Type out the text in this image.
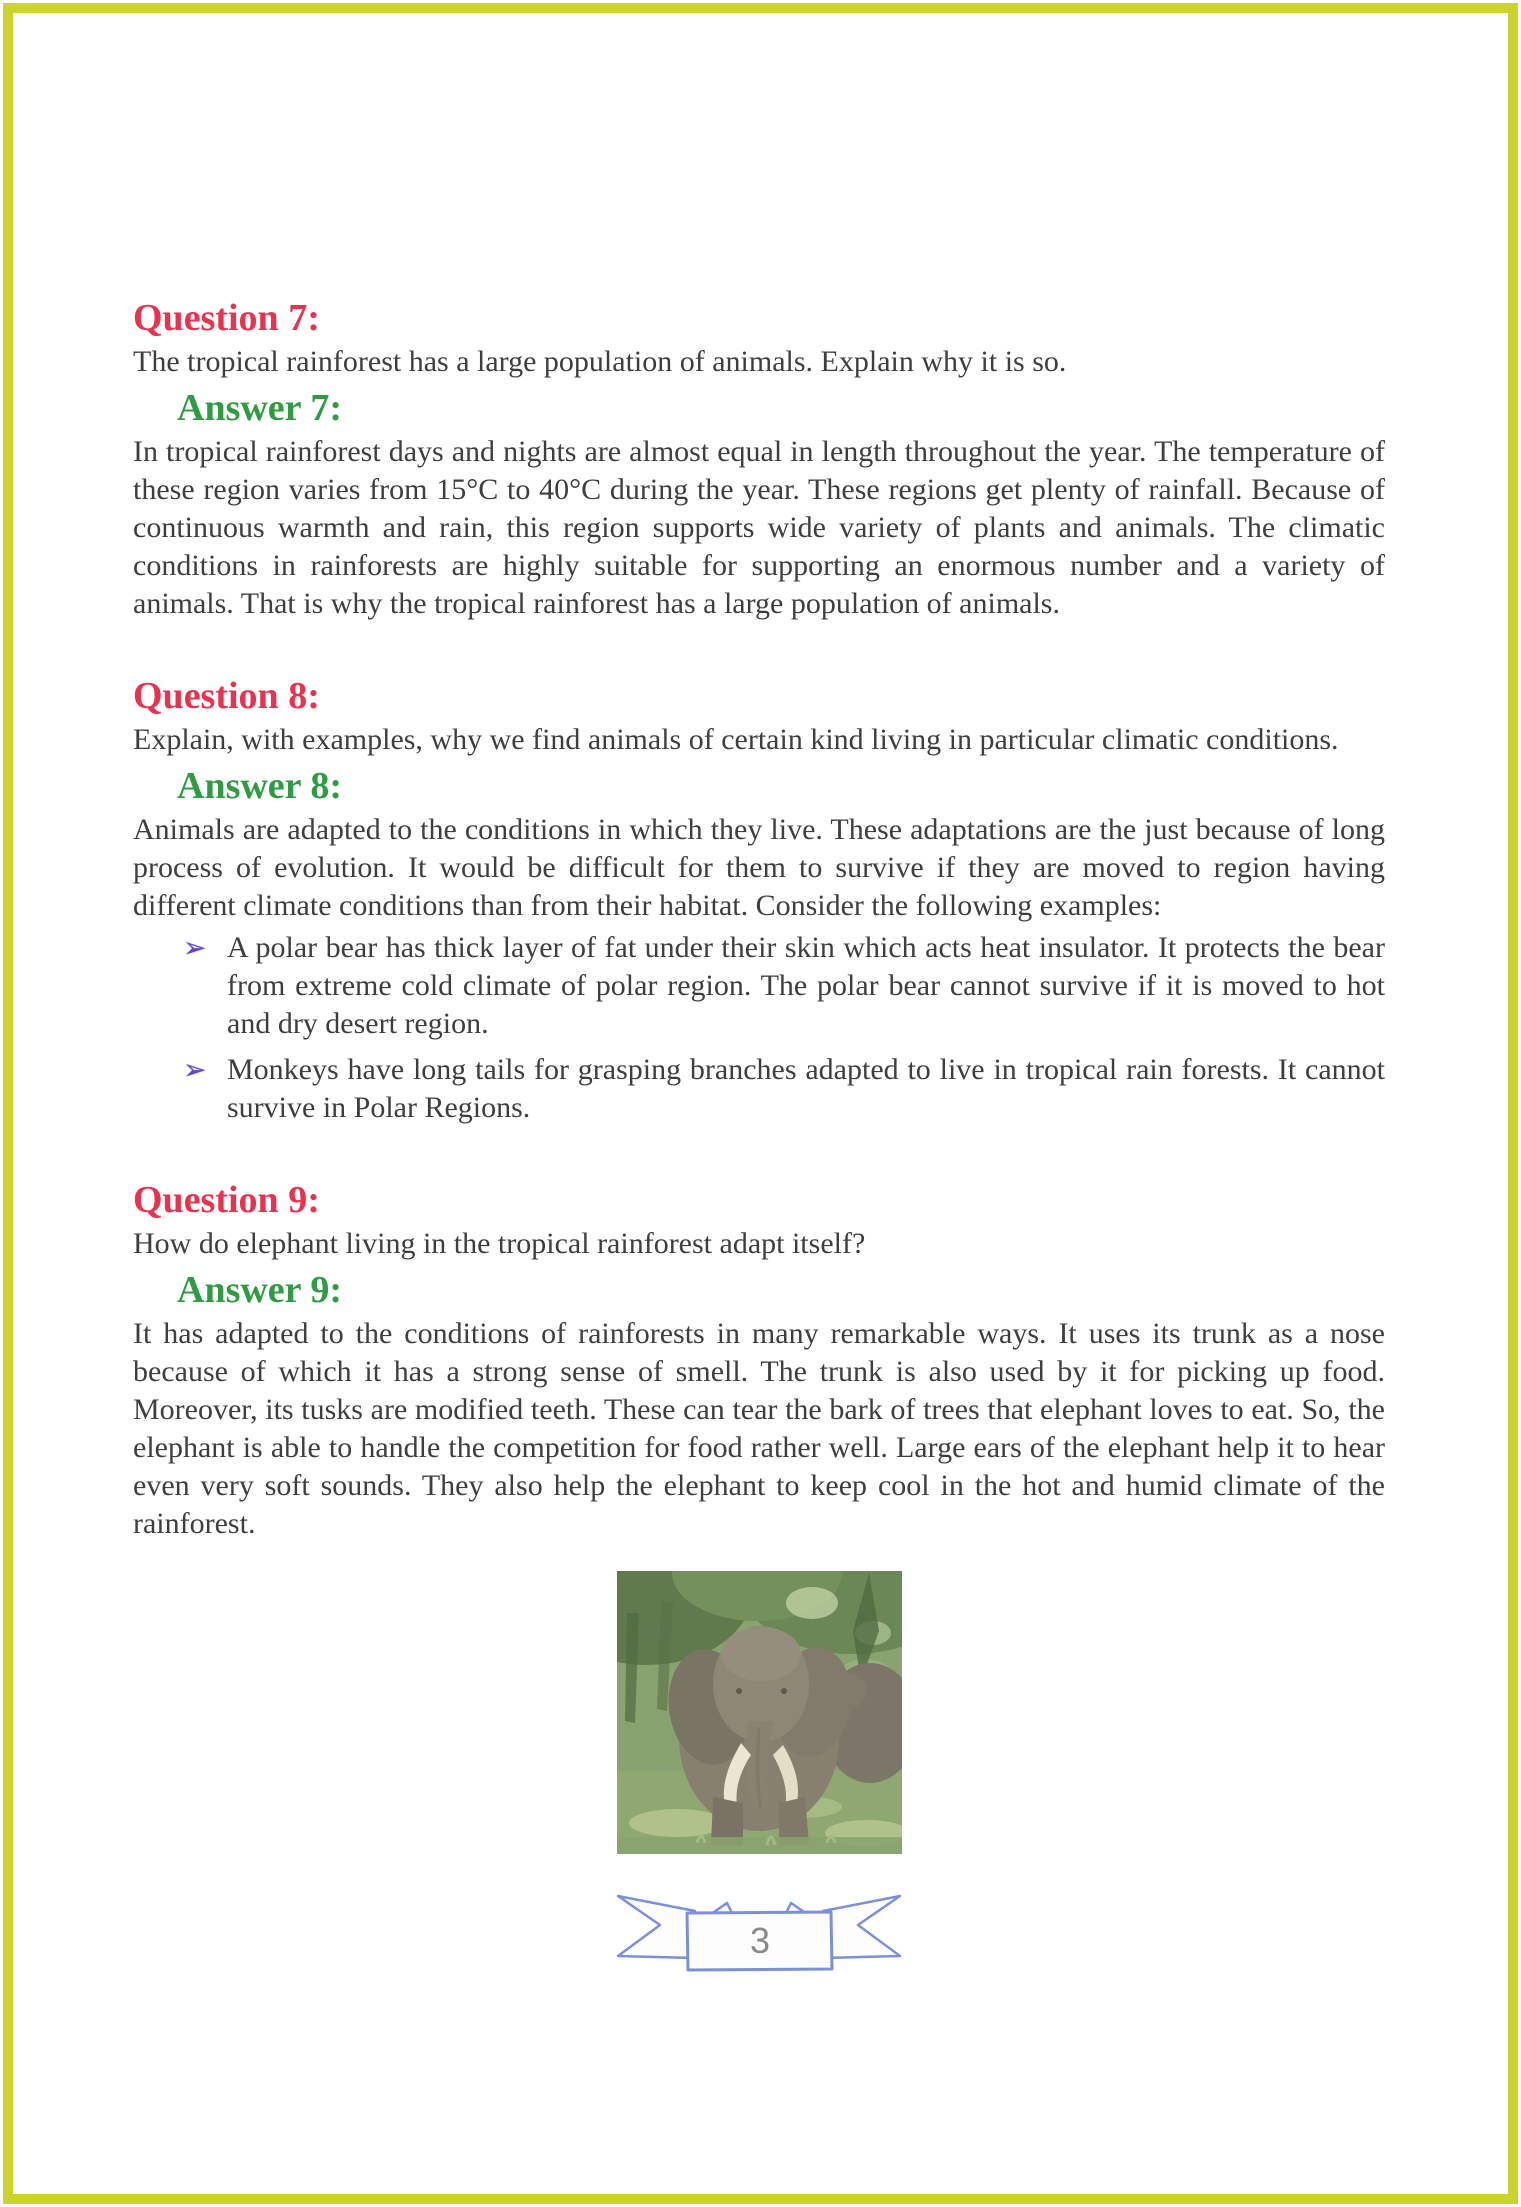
Question 7:

The tropical rainforest has a large population of animals. Explain why it is so.

Answer 7:

In tropical rainforest days and nights are almost equal in length throughout the year. The temperature of these region varies from 15°C to 40°C during the year. These regions get plenty of rainfall. Because of continuous warmth and rain, this region supports wide variety of plants and animals. The climatic conditions in rainforests are highly suitable for supporting an enormous number and a variety of animals. That is why the tropical rainforest has a large population of animals.

Question 8:

Explain, with examples, why we find animals of certain kind living in particular climatic conditions.

Answer 8:

Animals are adapted to the conditions in which they live. These adaptations are the just because of long process of evolution. It would be difficult for them to survive if they are moved to region having different climate conditions than from their habitat. Consider the following examples:

➢ A polar bear has thick layer of fat under their skin which acts heat insulator. It protects the bear from extreme cold climate of polar region. The polar bear cannot survive if it is moved to hot and dry desert region.
➢ Monkeys have long tails for grasping branches adapted to live in tropical rain forests. It cannot survive in Polar Regions.
Question 9:

How do elephant living in the tropical rainforest adapt itself?

Answer 9:

It has adapted to the conditions of rainforests in many remarkable ways. It uses its trunk as a nose because of which it has a strong sense of smell. The trunk is also used by it for picking up food. Moreover, its tusks are modified teeth. These can tear the bark of trees that elephant loves to eat. So, the elephant is able to handle the competition for food rather well. Large ears of the elephant help it to hear even very soft sounds. They also help the elephant to keep cool in the hot and humid climate of the rainforest.

3
